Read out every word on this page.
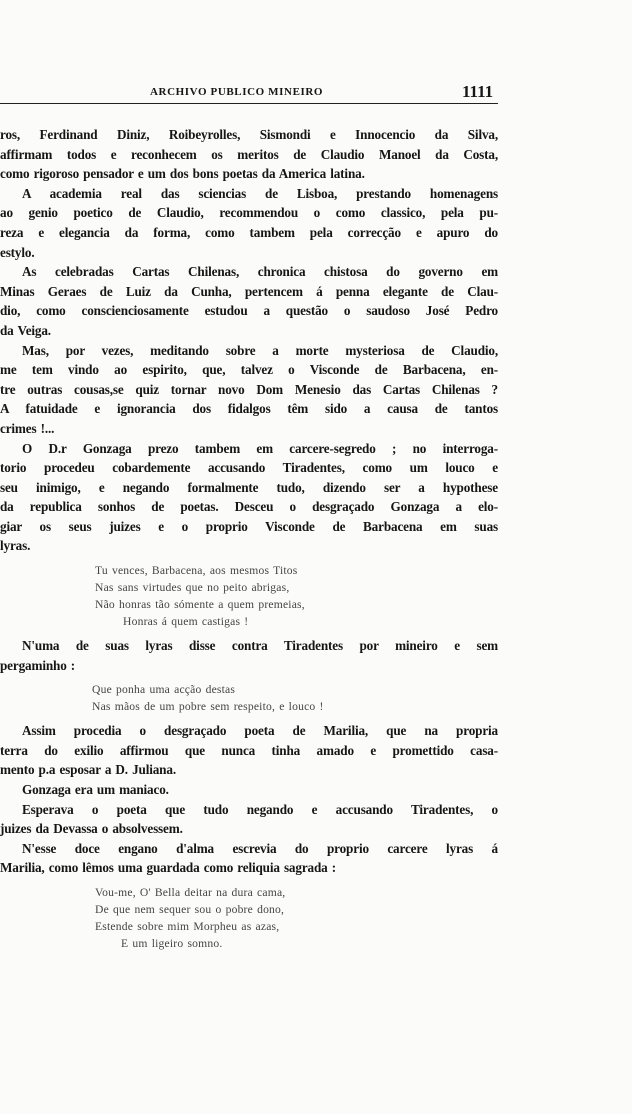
ARCHIVO PUBLICO MINEIRO	1111
ros, Ferdinand Diniz, Roibeyrolles, Sismondi e Innocencio da Silva,
affirmam todos e reconhecem os meritos de Claudio Manoel da Costa,
como rigoroso pensador e um dos bons poetas da America latina.
A academia real das sciencias de Lisboa, prestando homenagens
ao genio poetico de Claudio, recommendou o como classico, pela pu-
reza e elegancia da forma, como tambem pela correcção e apuro do
estylo.
As celebradas Cartas Chilenas, chronica chistosa do governo em
Minas Geraes de Luiz da Cunha, pertencem á penna elegante de Clau-
dio, como conscienciosamente estudou a questão o saudoso José Pedro
da Veiga.
Mas, por vezes, meditando sobre a morte mysteriosa de Claudio,
me tem vindo ao espirito, que, talvez o Visconde de Barbacena, en-
tre outras cousas,se quiz tornar novo Dom Menesio das Cartas Chilenas ?
A fatuidade e ignorancia dos fidalgos têm sido a causa de tantos
crimes !...
O D.r Gonzaga prezo tambem em carcere-segredo ; no interroga-
torio procedeu cobardemente accusando Tiradentes, como um louco e
seu inimigo, e negando formalmente tudo, dizendo ser a hypothese
da republica sonhos de poetas. Desceu o desgraçado Gonzaga a elo-
giar os seus juizes e o proprio Visconde de Barbacena em suas
lyras.
Tu vences, Barbacena, aos mesmos Titos
Nas sans virtudes que no peito abrigas,
Não honras tão sómente a quem premeias,
Honras á quem castigas !
N'uma de suas lyras disse contra Tiradentes por mineiro e sem
pergaminho :
Que ponha uma acção destas
Nas mãos de um pobre sem respeito, e louco !
Assim procedia o desgraçado poeta de Marilia, que na propria
terra do exilio affirmou que nunca tinha amado e promettido casa-
mento p.a esposar a D. Juliana.
Gonzaga era um maniaco.
Esperava o poeta que tudo negando e accusando Tiradentes, o
juizes da Devassa o absolvessem.
N'esse doce engano d'alma escrevia do proprio carcere lyras á
Marilia, como lêmos uma guardada como reliquia sagrada :
Vou-me, O' Bella deitar na dura cama,
De que nem sequer sou o pobre dono,
Estende sobre mim Morpheu as azas,
E um ligeiro somno.
